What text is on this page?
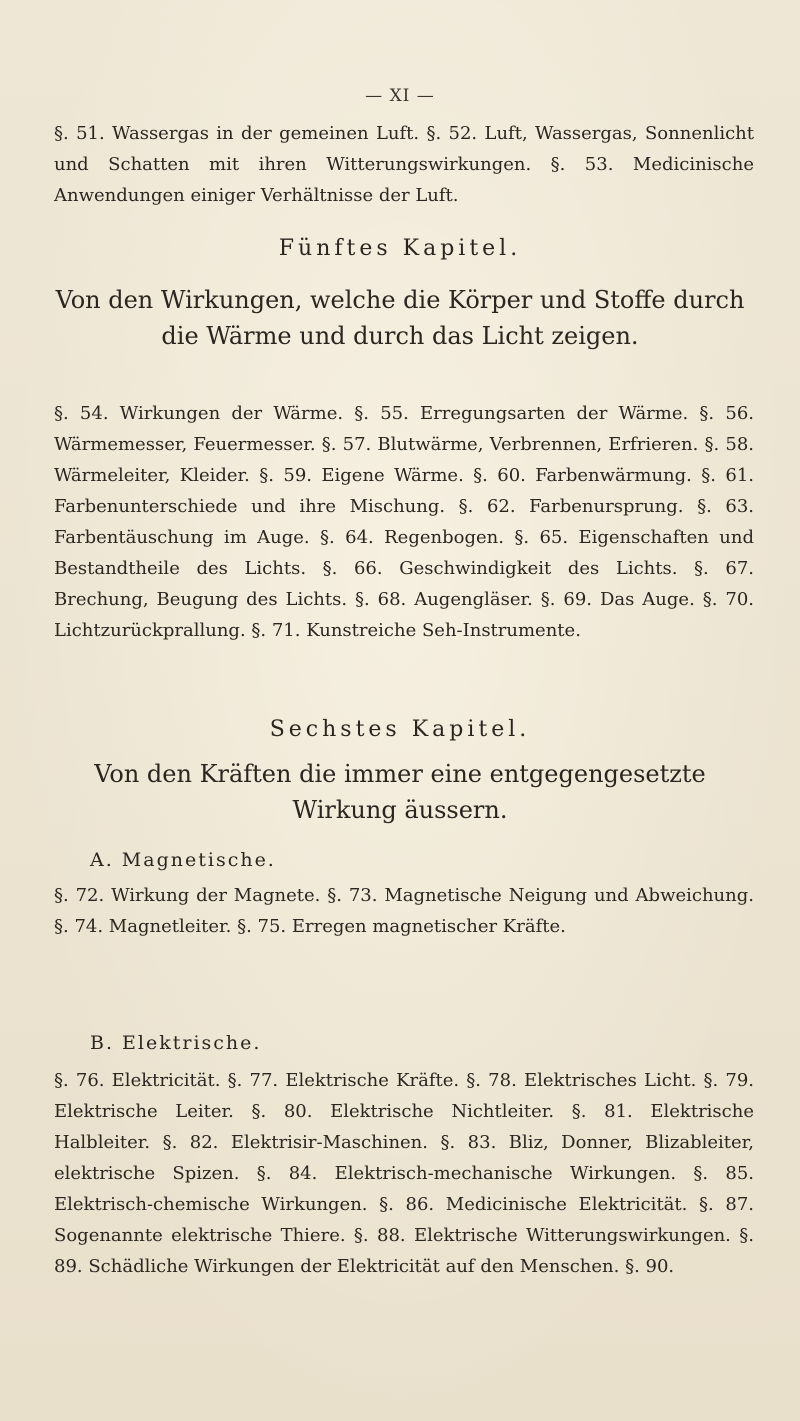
— XI —
§. 51. Wassergas in der gemeinen Luft. §. 52. Luft, Wassergas, Sonnenlicht und Schatten mit ihren Witterungswirkungen. §. 53. Medicinische Anwendungen einiger Verhältnisse der Luft.
Fünftes Kapitel.
Von den Wirkungen, welche die Körper und Stoffe durch die Wärme und durch das Licht zeigen.
§. 54. Wirkungen der Wärme. §. 55. Erregungsarten der Wärme. §. 56. Wärmemesser, Feuermesser. §. 57. Blutwärme, Verbrennen, Erfrieren. §. 58. Wärmeleiter, Kleider. §. 59. Eigene Wärme. §. 60. Farbenwärmung. §. 61. Farbenunterschiede und ihre Mischung. §. 62. Farbenursprung. §. 63. Farbentäuschung im Auge. §. 64. Regenbogen. §. 65. Eigenschaften und Bestandtheile des Lichts. §. 66. Geschwindigkeit des Lichts. §. 67. Brechung, Beugung des Lichts. §. 68. Augengläser. §. 69. Das Auge. §. 70. Lichtzurückprallung. §. 71. Kunstreiche Seh-Instrumente.
Sechstes Kapitel.
Von den Kräften die immer eine entgegengesetzte Wirkung äussern.
A. Magnetische.
§. 72. Wirkung der Magnete. §. 73. Magnetische Neigung und Abweichung. §. 74. Magnetleiter. §. 75. Erregen magnetischer Kräfte.
B. Elektrische.
§. 76. Elektricität. §. 77. Elektrische Kräfte. §. 78. Elektrisches Licht. §. 79. Elektrische Leiter. §. 80. Elektrische Nichtleiter. §. 81. Elektrische Halbleiter. §. 82. Elektrisir-Maschinen. §. 83. Bliz, Donner, Blizableiter, elektrische Spizen. §. 84. Elektrisch-mechanische Wirkungen. §. 85. Elektrisch-chemische Wirkungen. §. 86. Medicinische Elektricität. §. 87. Sogenannte elektrische Thiere. §. 88. Elektrische Witterungswirkungen. §. 89. Schädliche Wirkungen der Elektricität auf den Menschen. §. 90.
